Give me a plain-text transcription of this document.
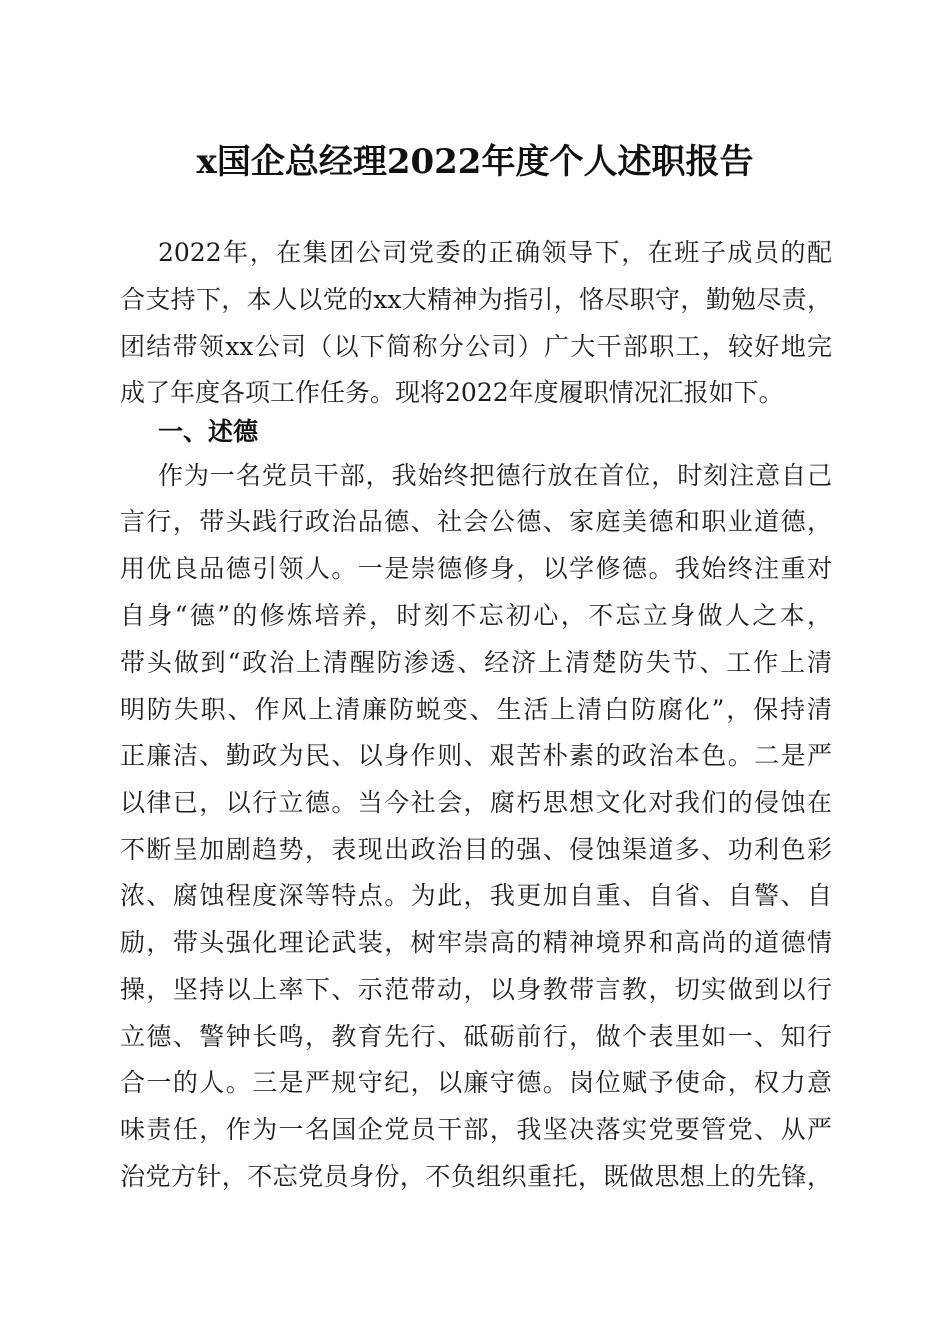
x国企总经理2022年度个人述职报告
2022年，在集团公司党委的正确领导下，在班子成员的配
合支持下，本人以党的xx大精神为指引，恪尽职守，勤勉尽责，
团结带领xx公司（以下简称分公司）广大干部职工，较好地完
成了年度各项工作任务。现将2022年度履职情况汇报如下。
一、述德
作为一名党员干部，我始终把德行放在首位，时刻注意自己
言行，带头践行政治品德、社会公德、家庭美德和职业道德，
用优良品德引领人。一是崇德修身，以学修德。我始终注重对
自身“德”的修炼培养，时刻不忘初心，不忘立身做人之本，
带头做到“政治上清醒防渗透、经济上清楚防失节、工作上清
明防失职、作风上清廉防蜕变、生活上清白防腐化”，保持清
正廉洁、勤政为民、以身作则、艰苦朴素的政治本色。二是严
以律已，以行立德。当今社会，腐朽思想文化对我们的侵蚀在
不断呈加剧趋势，表现出政治目的强、侵蚀渠道多、功利色彩
浓、腐蚀程度深等特点。为此，我更加自重、自省、自警、自
励，带头强化理论武装，树牢崇高的精神境界和高尚的道德情
操，坚持以上率下、示范带动，以身教带言教，切实做到以行
立德、警钟长鸣，教育先行、砥砺前行，做个表里如一、知行
合一的人。三是严规守纪，以廉守德。岗位赋予使命，权力意
味责任，作为一名国企党员干部，我坚决落实党要管党、从严
治党方针，不忘党员身份，不负组织重托，既做思想上的先锋，
